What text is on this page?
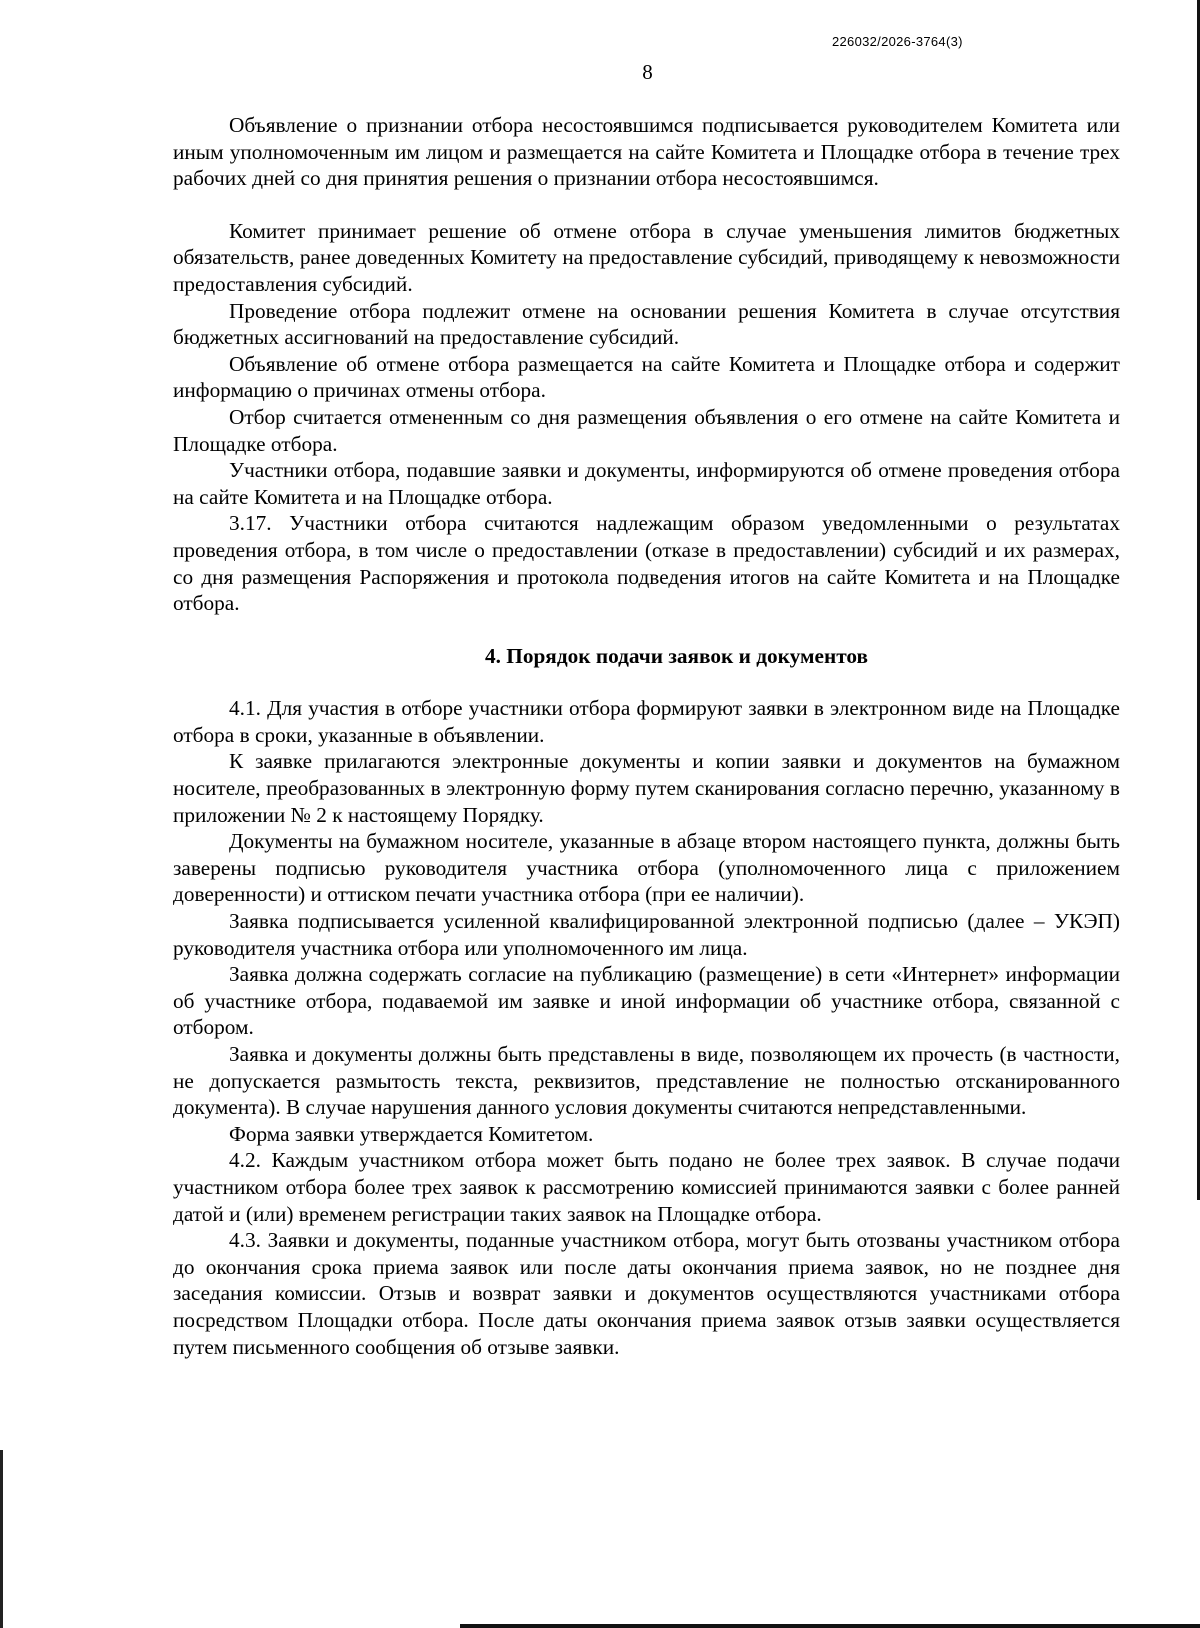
226032/2026-3764(3)
8

Объявление о признании отбора несостоявшимся подписывается руководителем Комитета или иным уполномоченным им лицом и размещается на сайте Комитета и Площадке отбора в течение трех рабочих дней со дня принятия решения о признании отбора несостоявшимся.

Комитет принимает решение об отмене отбора в случае уменьшения лимитов бюджетных обязательств, ранее доведенных Комитету на предоставление субсидий, приводящему к невозможности предоставления субсидий.

Проведение отбора подлежит отмене на основании решения Комитета в случае отсутствия бюджетных ассигнований на предоставление субсидий.

Объявление об отмене отбора размещается на сайте Комитета и Площадке отбора и содержит информацию о причинах отмены отбора.

Отбор считается отмененным со дня размещения объявления о его отмене на сайте Комитета и Площадке отбора.

Участники отбора, подавшие заявки и документы, информируются об отмене проведения отбора на сайте Комитета и на Площадке отбора.

3.17. Участники отбора считаются надлежащим образом уведомленными о результатах проведения отбора, в том числе о предоставлении (отказе в предоставлении) субсидий и их размерах, со дня размещения Распоряжения и протокола подведения итогов на сайте Комитета и на Площадке отбора.

4. Порядок подачи заявок и документов

4.1. Для участия в отборе участники отбора формируют заявки в электронном виде на Площадке отбора в сроки, указанные в объявлении.

К заявке прилагаются электронные документы и копии заявки и документов на бумажном носителе, преобразованных в электронную форму путем сканирования согласно перечню, указанному в приложении № 2 к настоящему Порядку.

Документы на бумажном носителе, указанные в абзаце втором настоящего пункта, должны быть заверены подписью руководителя участника отбора (уполномоченного лица с приложением доверенности) и оттиском печати участника отбора (при ее наличии).

Заявка подписывается усиленной квалифицированной электронной подписью (далее – УКЭП) руководителя участника отбора или уполномоченного им лица.

Заявка должна содержать согласие на публикацию (размещение) в сети «Интернет» информации об участнике отбора, подаваемой им заявке и иной информации об участнике отбора, связанной с отбором.

Заявка и документы должны быть представлены в виде, позволяющем их прочесть (в частности, не допускается размытость текста, реквизитов, представление не полностью отсканированного документа). В случае нарушения данного условия документы считаются непредставленными.

Форма заявки утверждается Комитетом.

4.2. Каждым участником отбора может быть подано не более трех заявок. В случае подачи участником отбора более трех заявок к рассмотрению комиссией принимаются заявки с более ранней датой и (или) временем регистрации таких заявок на Площадке отбора.

4.3. Заявки и документы, поданные участником отбора, могут быть отозваны участником отбора до окончания срока приема заявок или после даты окончания приема заявок, но не позднее дня заседания комиссии. Отзыв и возврат заявки и документов осуществляются участниками отбора посредством Площадки отбора. После даты окончания приема заявок отзыв заявки осуществляется путем письменного сообщения об отзыве заявки.
